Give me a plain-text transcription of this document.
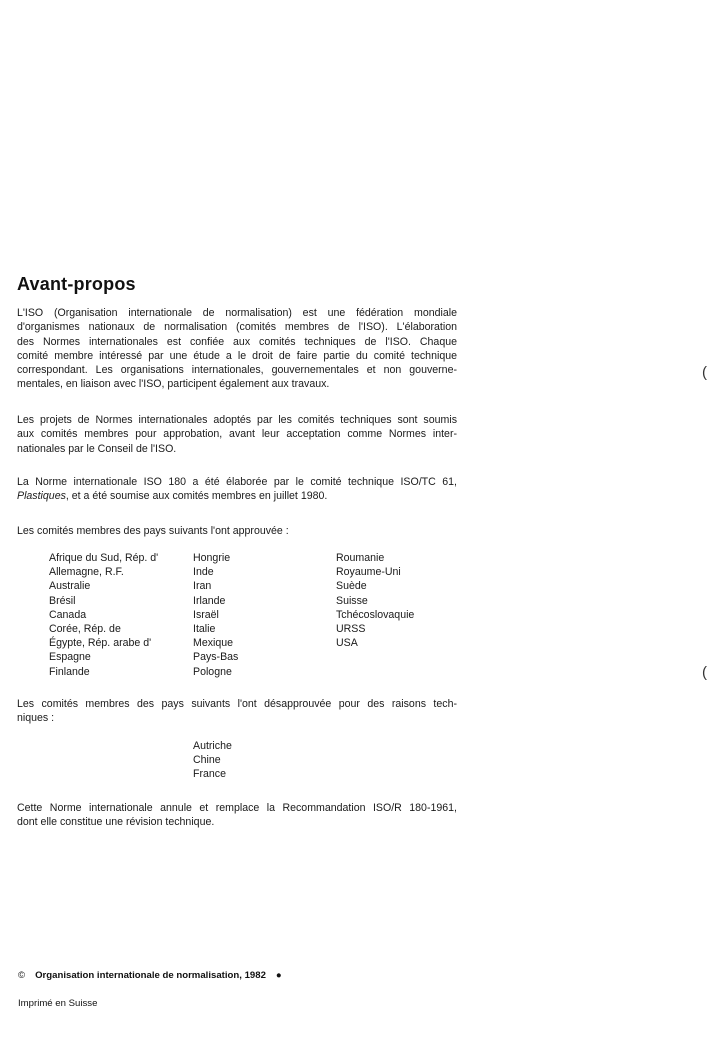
Avant-propos
L'ISO (Organisation internationale de normalisation) est une fédération mondiale
d'organismes nationaux de normalisation (comités membres de l'ISO). L'élaboration
des Normes internationales est confiée aux comités techniques de l'ISO. Chaque
comité membre intéressé par une étude a le droit de faire partie du comité technique
correspondant. Les organisations internationales, gouvernementales et non gouverne-
mentales, en liaison avec l'ISO, participent également aux travaux.
Les projets de Normes internationales adoptés par les comités techniques sont soumis
aux comités membres pour approbation, avant leur acceptation comme Normes inter-
nationales par le Conseil de l'ISO.
La Norme internationale ISO 180 a été élaborée par le comité technique ISO/TC 61,
Plastiques, et a été soumise aux comités membres en juillet 1980.

Les comités membres des pays suivants l'ont approuvée :

Afrique du Sud, Rép. d'
Allemagne, R.F.
Australie
Brésil
Canada
Corée, Rép. de
Égypte, Rép. arabe d'
Espagne
Finlande
Hongrie
Inde
Iran
Irlande
Israël
Italie
Mexique
Pays-Bas
Pologne
Roumanie
Royaume-Uni
Suède
Suisse
Tchécoslovaquie
URSS
USA
Les comités membres des pays suivants l'ont désapprouvée pour des raisons tech-
niques :
Autriche
Chine
France
Cette Norme internationale annule et remplace la Recommandation ISO/R 180-1961,
dont elle constitue une révision technique.
© Organisation internationale de normalisation, 1982 ●
Imprimé en Suisse
(
(
